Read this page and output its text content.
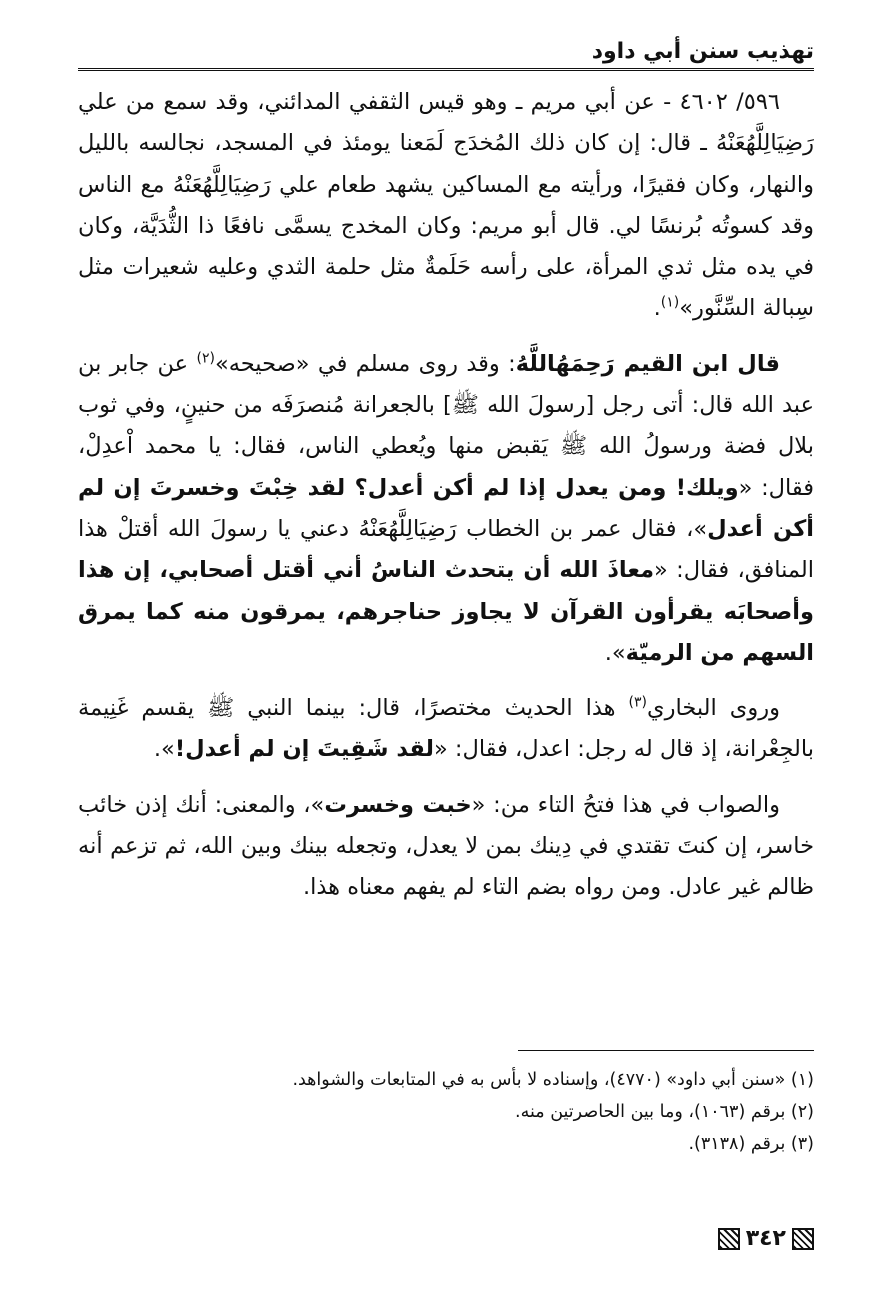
تهذيب سنن أبي داود

٥٩٦/ ٤٦٠٢ - عن أبي مريم ـ وهو قيس الثقفي المدائني، وقد سمع من علي رَضِيَالِلَّهُعَنْهُ ـ قال: إن كان ذلك المُخدَج لَمَعنا يومئذ في المسجد، نجالسه بالليل والنهار، وكان فقيرًا، ورأيته مع المساكين يشهد طعام علي رَضِيَالِلَّهُعَنْهُ مع الناس وقد كسوتُه بُرنسًا لي. قال أبو مريم: وكان المخدج يسمَّى نافعًا ذا الثُّدَيَّة، وكان في يده مثل ثدي المرأة، على رأسه حَلَمةٌ مثل حلمة الثدي وعليه شعيرات مثل سِبالة السِّنَّور»$^{(١)}$.

قال ابن القيم رَحِمَهُاللَّهُ: وقد روى مسلم في «صحيحه»$^{(٢)}$ عن جابر بن عبد الله قال: أتى رجل [رسولَ الله ﷺ] بالجعرانة مُنصرَفَه من حنينٍ، وفي ثوب بلال فضة ورسولُ الله ﷺ يَقبض منها ويُعطي الناس، فقال: يا محمد اْعدِلْ، فقال: «ويلك! ومن يعدل إذا لم أكن أعدل؟ لقد خِبْتَ وخسرتَ إن لم أكن أعدل»، فقال عمر بن الخطاب رَضِيَالِلَّهُعَنْهُ دعني يا رسولَ الله أقتلْ هذا المنافق، فقال: «معاذَ الله أن يتحدث الناسُ أني أقتل أصحابي، إن هذا وأصحابَه يقرأون القرآن لا يجاوز حناجرهم، يمرقون منه كما يمرق السهم من الرميّة».

وروى البخاري$^{(٣)}$ هذا الحديث مختصرًا، قال: بينما النبي ﷺ يقسم غَنِيمة بالجِعْرانة، إذ قال له رجل: اعدل، فقال: «لقد شَقِيتَ إن لم أعدل!».

والصواب في هذا فتحُ التاء من: «خبت وخسرت»، والمعنى: أنك إذن خائب خاسر، إن كنتَ تقتدي في دِينك بمن لا يعدل، وتجعله بينك وبين الله، ثم تزعم أنه ظالم غير عادل. ومن رواه بضم التاء لم يفهم معناه هذا.

(١) «سنن أبي داود» (٤٧٧٠)، وإسناده لا بأس به في المتابعات والشواهد.

(٢) برقم (١٠٦٣)، وما بين الحاصرتين منه.

(٣) برقم (٣١٣٨).

٣٤٢
